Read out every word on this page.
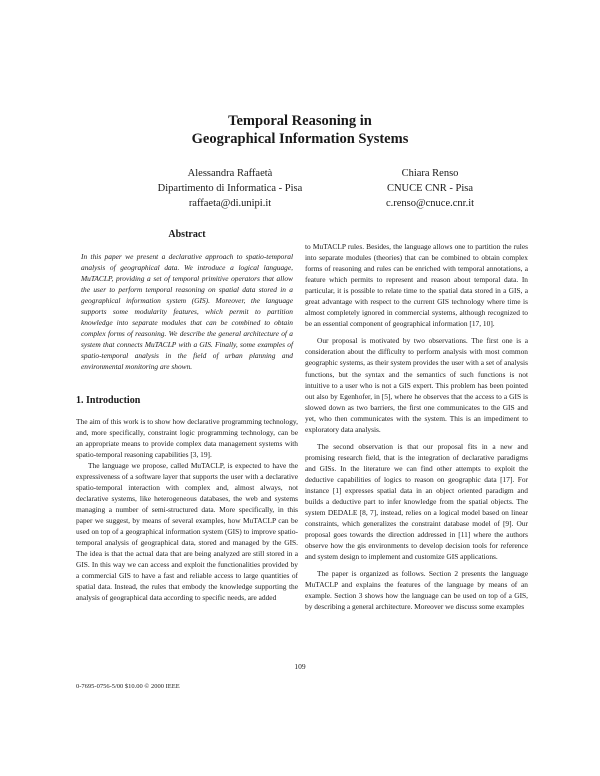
Temporal Reasoning in
Geographical Information Systems
Alessandra Raffaetà
Dipartimento di Informatica - Pisa
raffaeta@di.unipi.it
Chiara Renso
CNUCE CNR - Pisa
c.renso@cnuce.cnr.it
Abstract

In this paper we present a declarative approach to spatio-temporal analysis of geographical data. We introduce a logical language, MuTACLP, providing a set of temporal primitive operators that allow the user to perform temporal reasoning on spatial data stored in a geographical information system (GIS). Moreover, the language supports some modularity features, which permit to partition knowledge into separate modules that can be combined to obtain complex forms of reasoning. We describe the general architecture of a system that connects MuTACLP with a GIS. Finally, some examples of spatio-temporal analysis in the field of urban planning and environmental monitoring are shown.

1. Introduction

The aim of this work is to show how declarative programming technology, and, more specifically, constraint logic programming technology, can be an appropriate means to provide complex data management systems with spatio-temporal reasoning capabilities [3, 19].

The language we propose, called MuTACLP, is expected to have the expressiveness of a software layer that supports the user with a declarative spatio-temporal interaction with complex and, almost always, not declarative systems, like heterogeneous databases, the web and systems managing a number of semi-structured data. More specifically, in this paper we suggest, by means of several examples, how MuTACLP can be used on top of a geographical information system (GIS) to improve spatio-temporal analysis of geographical data, stored and managed by the GIS. The idea is that the actual data that are being analyzed are still stored in a GIS. In this way we can access and exploit the functionalities provided by a commercial GIS to have a fast and reliable access to large quantities of spatial data. Instead, the rules that embody the knowledge supporting the analysis of geographical data according to specific needs, are added

to MuTACLP rules. Besides, the language allows one to partition the rules into separate modules (theories) that can be combined to obtain complex forms of reasoning and rules can be enriched with temporal annotations, a feature which permits to represent and reason about temporal data. In particular, it is possible to relate time to the spatial data stored in a GIS, a great advantage with respect to the current GIS technology where time is almost completely ignored in commercial systems, although recognized to be an essential component of geographical information [17, 10].

Our proposal is motivated by two observations. The first one is a consideration about the difficulty to perform analysis with most common geographic systems, as their system provides the user with a set of analysis functions, but the syntax and the semantics of such functions is not intuitive to a user who is not a GIS expert. This problem has been pointed out also by Egenhofer, in [5], where he observes that the access to a GIS is slowed down as two barriers, the first one communicates to the GIS and yet, who then communicates with the system. This is an impediment to exploratory data analysis.

The second observation is that our proposal fits in a new and promising research field, that is the integration of declarative paradigms and GISs. In the literature we can find other attempts to exploit the deductive capabilities of logics to reason on geographic data [17]. For instance [1] expresses spatial data in an object oriented paradigm and builds a deductive part to infer knowledge from the spatial objects. The system DEDALE [8, 7], instead, relies on a logical model based on linear constraints, which generalizes the constraint database model of [9]. Our proposal goes towards the direction addressed in [11] where the authors observe how the gis environments to develop decision tools for reference and system design to implement and customize GIS applications.

The paper is organized as follows. Section 2 presents the language MuTACLP and explains the features of the language by means of an example. Section 3 shows how the language can be used on top of a GIS, by describing a general architecture. Moreover we discuss some examples

109
0-7695-0756-5/00 $10.00 © 2000 IEEE
